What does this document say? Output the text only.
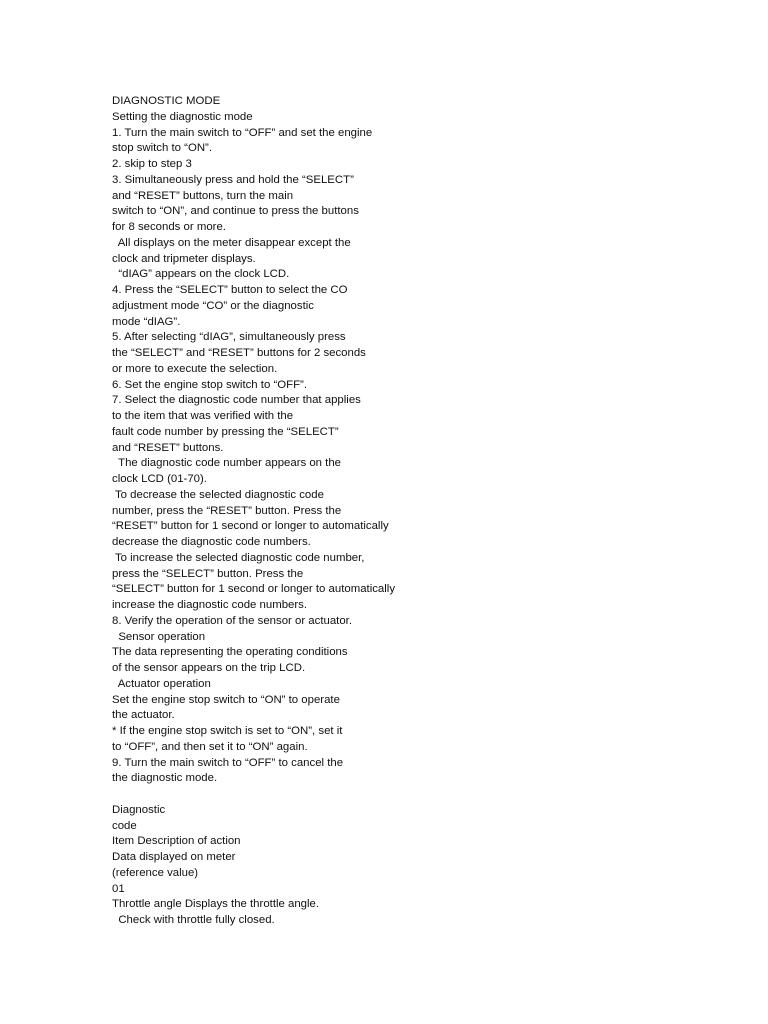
DIAGNOSTIC MODE
Setting the diagnostic mode
1. Turn the main switch to “OFF” and set the engine
stop switch to “ON”.
2. skip to step 3
3. Simultaneously press and hold the “SELECT”
and “RESET” buttons, turn the main
switch to “ON”, and continue to press the buttons
for 8 seconds or more.
All displays on the meter disappear except the
clock and tripmeter displays.
“dIAG” appears on the clock LCD.
4. Press the “SELECT” button to select the CO
adjustment mode “CO” or the diagnostic
mode “dIAG”.
5. After selecting “dIAG”, simultaneously press
the “SELECT” and “RESET” buttons for 2 seconds
or more to execute the selection.
6. Set the engine stop switch to “OFF”.
7. Select the diagnostic code number that applies
to the item that was verified with the
fault code number by pressing the “SELECT”
and “RESET” buttons.
The diagnostic code number appears on the
clock LCD (01-70).
To decrease the selected diagnostic code
number, press the “RESET” button. Press the
“RESET” button for 1 second or longer to automatically
decrease the diagnostic code numbers.
To increase the selected diagnostic code number,
press the “SELECT” button. Press the
“SELECT” button for 1 second or longer to automatically
increase the diagnostic code numbers.
8. Verify the operation of the sensor or actuator.
Sensor operation
The data representing the operating conditions
of the sensor appears on the trip LCD.
Actuator operation
Set the engine stop switch to “ON” to operate
the actuator.
* If the engine stop switch is set to “ON”, set it
to “OFF”, and then set it to “ON” again.
9. Turn the main switch to “OFF” to cancel the
the diagnostic mode.
Diagnostic
code
Item Description of action
Data displayed on meter
(reference value)
01
Throttle angle Displays the throttle angle.
Check with throttle fully closed.
